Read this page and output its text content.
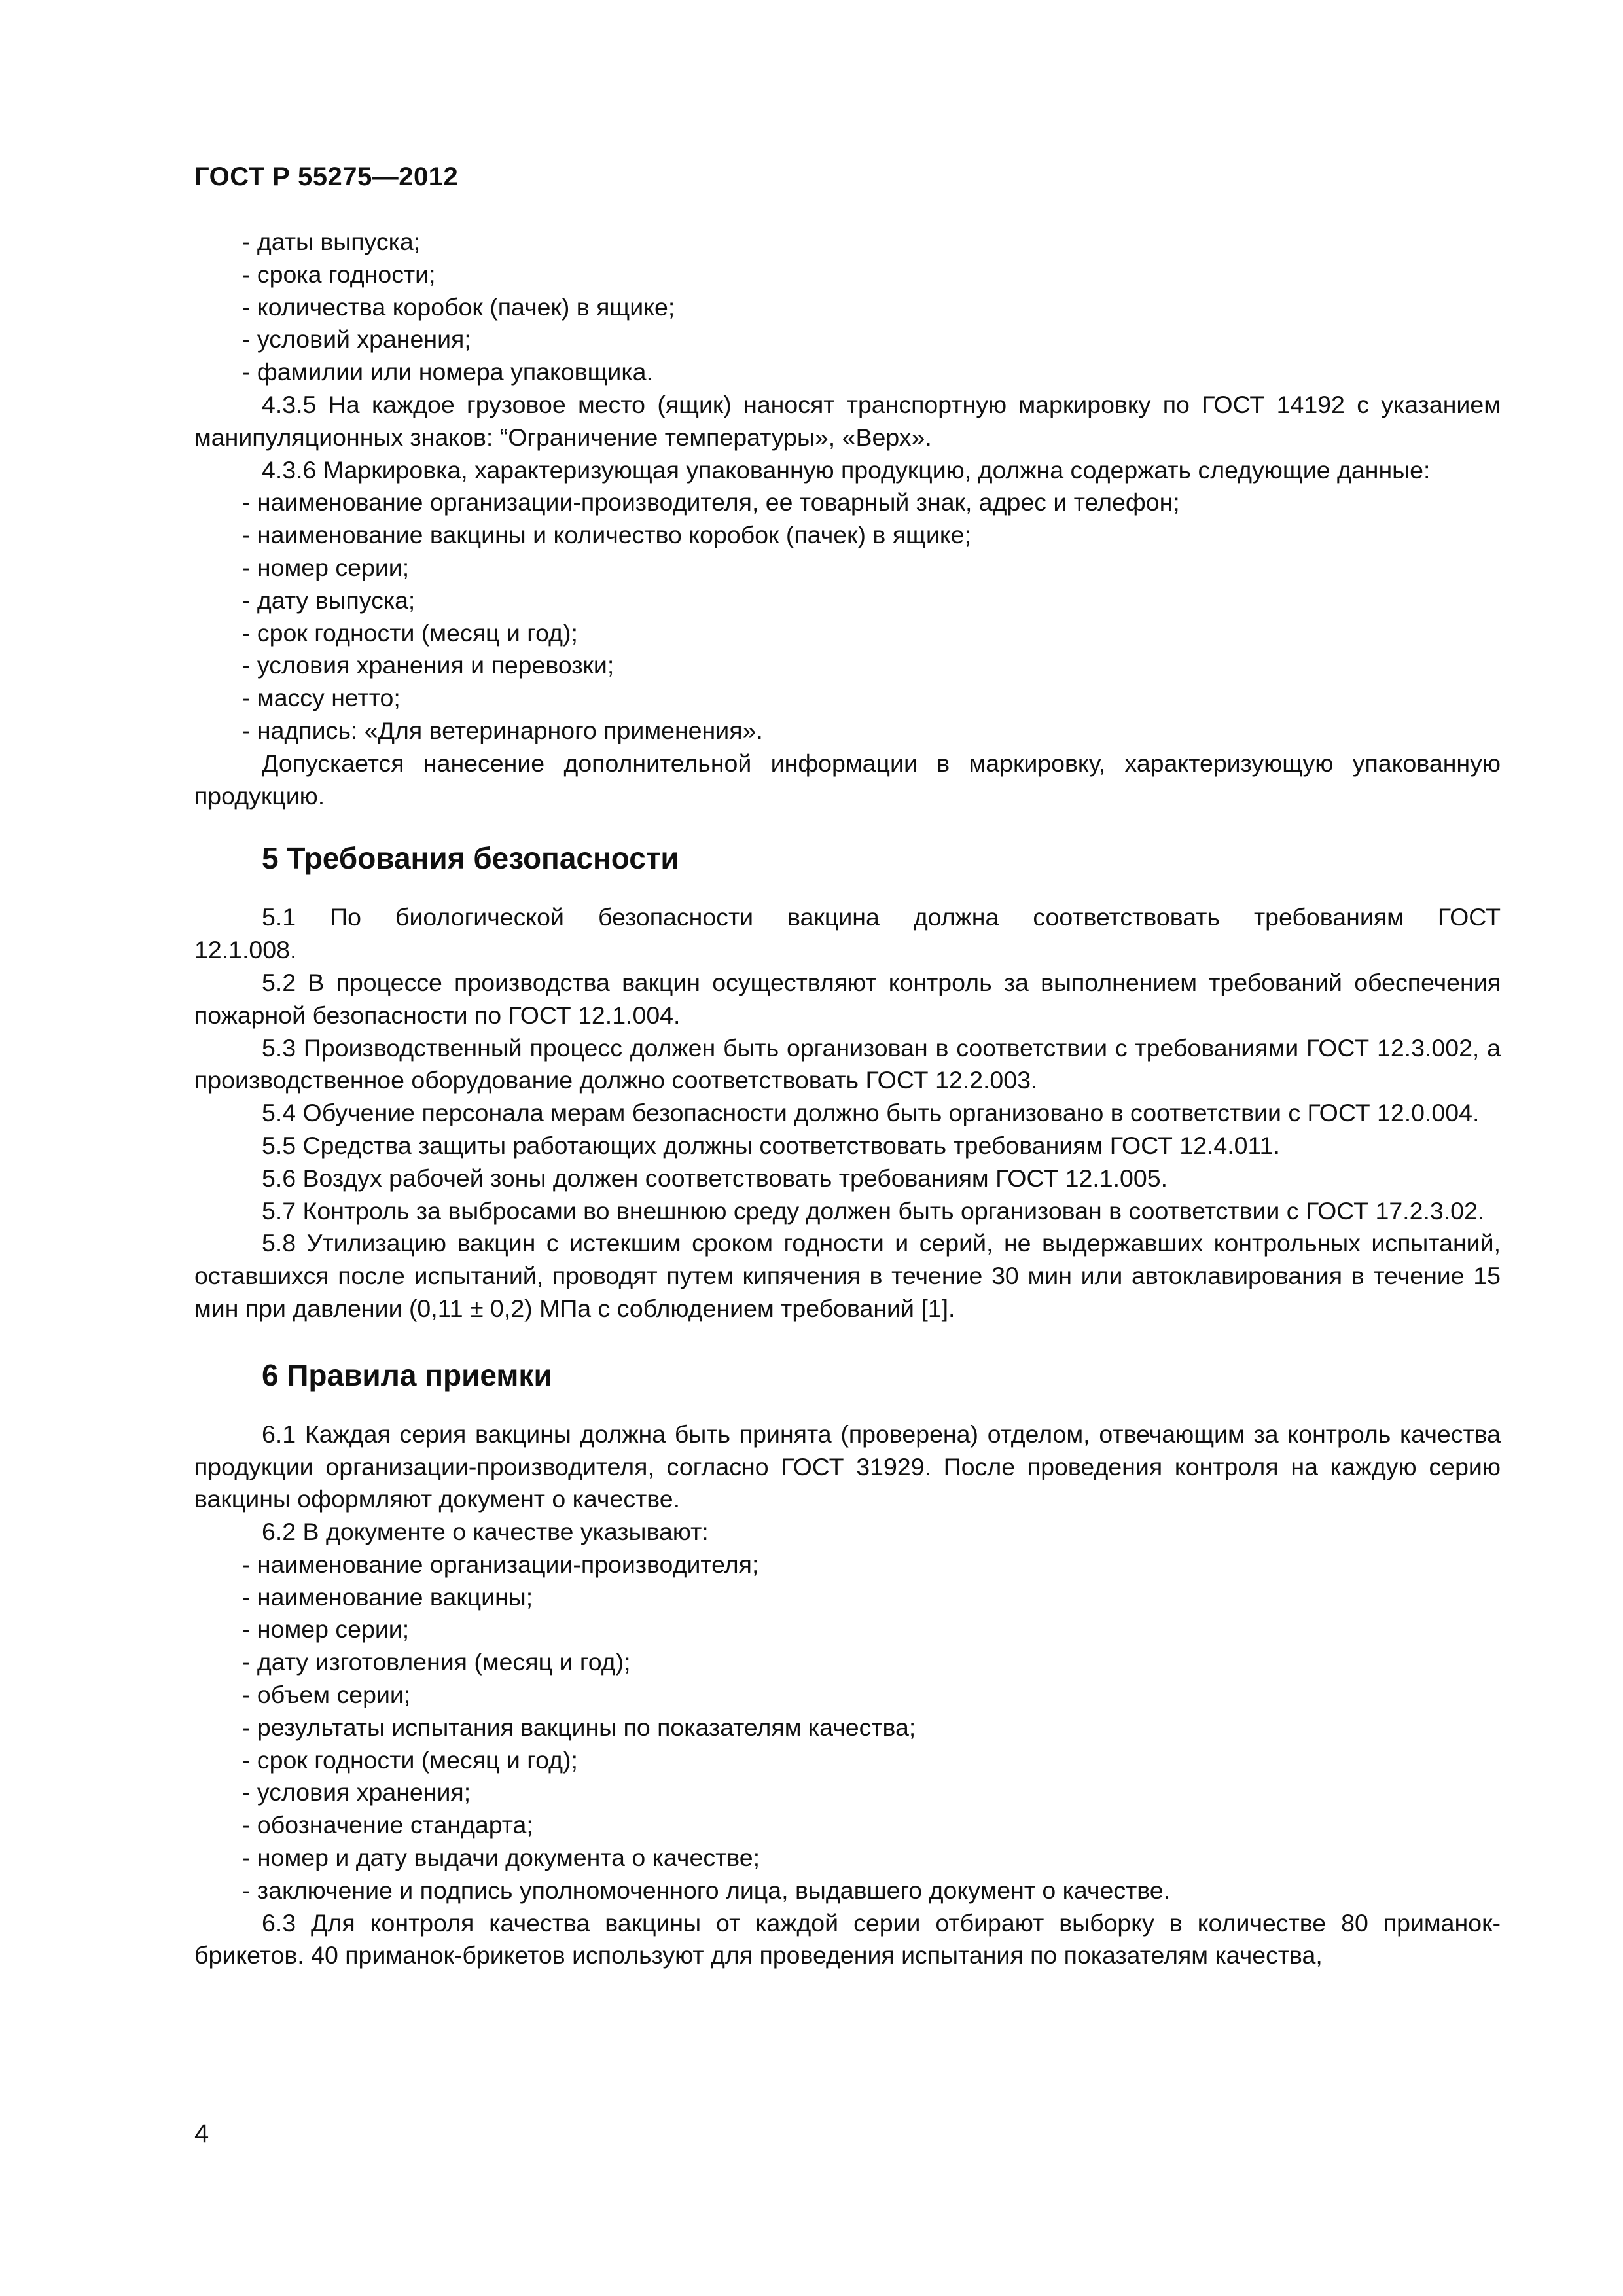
ГОСТ Р 55275—2012

- даты выпуска;

- срока годности;

- количества коробок (пачек) в ящике;

- условий хранения;

- фамилии или номера упаковщика.

4.3.5 На каждое грузовое место (ящик) наносят транспортную маркировку по ГОСТ 14192 с указанием манипуляционных знаков: “Ограничение температуры», «Верх».

4.3.6 Маркировка, характеризующая упакованную продукцию, должна содержать следующие данные:

- наименование организации-производителя, ее товарный знак, адрес и телефон;

- наименование вакцины и количество коробок (пачек) в ящике;

- номер серии;

- дату выпуска;

- срок годности (месяц и год);

- условия хранения и перевозки;

- массу нетто;

- надпись: «Для ветеринарного применения».

Допускается нанесение дополнительной информации в маркировку, характеризующую упакованную продукцию.

5 Требования безопасности

5.1 По биологической безопасности вакцина должна соответствовать требованиям ГОСТ 12.1.008.

5.2 В процессе производства вакцин осуществляют контроль за выполнением требований обеспечения пожарной безопасности по ГОСТ 12.1.004.

5.3 Производственный процесс должен быть организован в соответствии с требованиями ГОСТ 12.3.002, а производственное оборудование должно соответствовать ГОСТ 12.2.003.

5.4 Обучение персонала мерам безопасности должно быть организовано в соответствии с ГОСТ 12.0.004.

5.5 Средства защиты работающих должны соответствовать требованиям ГОСТ 12.4.011.

5.6 Воздух рабочей зоны должен соответствовать требованиям ГОСТ 12.1.005.

5.7 Контроль за выбросами во внешнюю среду должен быть организован в соответствии с ГОСТ 17.2.3.02.

5.8 Утилизацию вакцин с истекшим сроком годности и серий, не выдержавших контрольных испытаний, оставшихся после испытаний, проводят путем кипячения в течение 30 мин или автоклавирования в течение 15 мин при давлении (0,11 ± 0,2) МПа с соблюдением требований [1].

6 Правила приемки

6.1 Каждая серия вакцины должна быть принята (проверена) отделом, отвечающим за контроль качества продукции организации-производителя, согласно ГОСТ 31929. После проведения контроля на каждую серию вакцины оформляют документ о качестве.

6.2 В документе о качестве указывают:

- наименование организации-производителя;

- наименование вакцины;

- номер серии;

- дату изготовления (месяц и год);

- объем серии;

- результаты испытания вакцины по показателям качества;

- срок годности (месяц и год);

- условия хранения;

- обозначение стандарта;

- номер и дату выдачи документа о качестве;

- заключение и подпись уполномоченного лица, выдавшего документ о качестве.

6.3 Для контроля качества вакцины от каждой серии отбирают выборку в количестве 80 приманок-брикетов. 40 приманок-брикетов используют для проведения испытания по показателям качества,

4
